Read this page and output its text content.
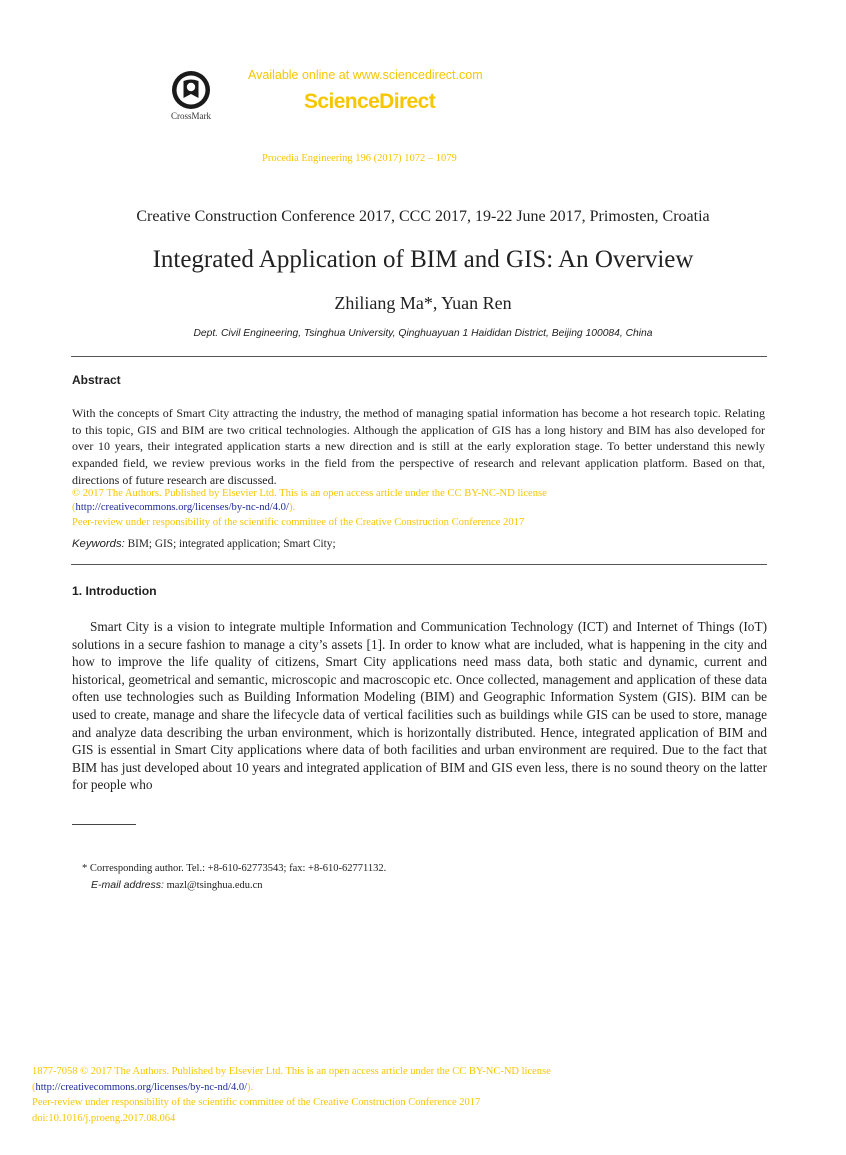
CrossMark
Available online at www.sciencedirect.com
ScienceDirect
Procedia Engineering 196 (2017) 1072 – 1079
Creative Construction Conference 2017, CCC 2017, 19-22 June 2017, Primosten, Croatia
Integrated Application of BIM and GIS: An Overview
Zhiliang Ma*, Yuan Ren
Dept. Civil Engineering, Tsinghua University, Qinghuayuan 1 Haididan District, Beijing 100084, China
Abstract
With the concepts of Smart City attracting the industry, the method of managing spatial information has become a hot research topic. Relating to this topic, GIS and BIM are two critical technologies. Although the application of GIS has a long history and BIM has also developed for over 10 years, their integrated application starts a new direction and is still at the early exploration stage. To better understand this newly expanded field, we review previous works in the field from the perspective of research and relevant application platform. Based on that, directions of future research are discussed.
© 2017 The Authors. Published by Elsevier Ltd. This is an open access article under the CC BY-NC-ND license
(http://creativecommons.org/licenses/by-nc-nd/4.0/).
Peer-review under responsibility of the scientific committee of the Creative Construction Conference 2017
Keywords: BIM; GIS; integrated application; Smart City;
1. Introduction
Smart City is a vision to integrate multiple Information and Communication Technology (ICT) and Internet of Things (IoT) solutions in a secure fashion to manage a city’s assets [1]. In order to know what are included, what is happening in the city and how to improve the life quality of citizens, Smart City applications need mass data, both static and dynamic, current and historical, geometrical and semantic, microscopic and macroscopic etc. Once collected, management and application of these data often use technologies such as Building Information Modeling (BIM) and Geographic Information System (GIS). BIM can be used to create, manage and share the lifecycle data of vertical facilities such as buildings while GIS can be used to store, manage and analyze data describing the urban environment, which is horizontally distributed. Hence, integrated application of BIM and GIS is essential in Smart City applications where data of both facilities and urban environment are required. Due to the fact that BIM has just developed about 10 years and integrated application of BIM and GIS even less, there is no sound theory on the latter for people who
* Corresponding author. Tel.: +8-610-62773543; fax: +8-610-62771132.
E-mail address: mazl@tsinghua.edu.cn
1877-7058 © 2017 The Authors. Published by Elsevier Ltd. This is an open access article under the CC BY-NC-ND license
(http://creativecommons.org/licenses/by-nc-nd/4.0/).
Peer-review under responsibility of the scientific committee of the Creative Construction Conference 2017
doi:10.1016/j.proeng.2017.08.064
